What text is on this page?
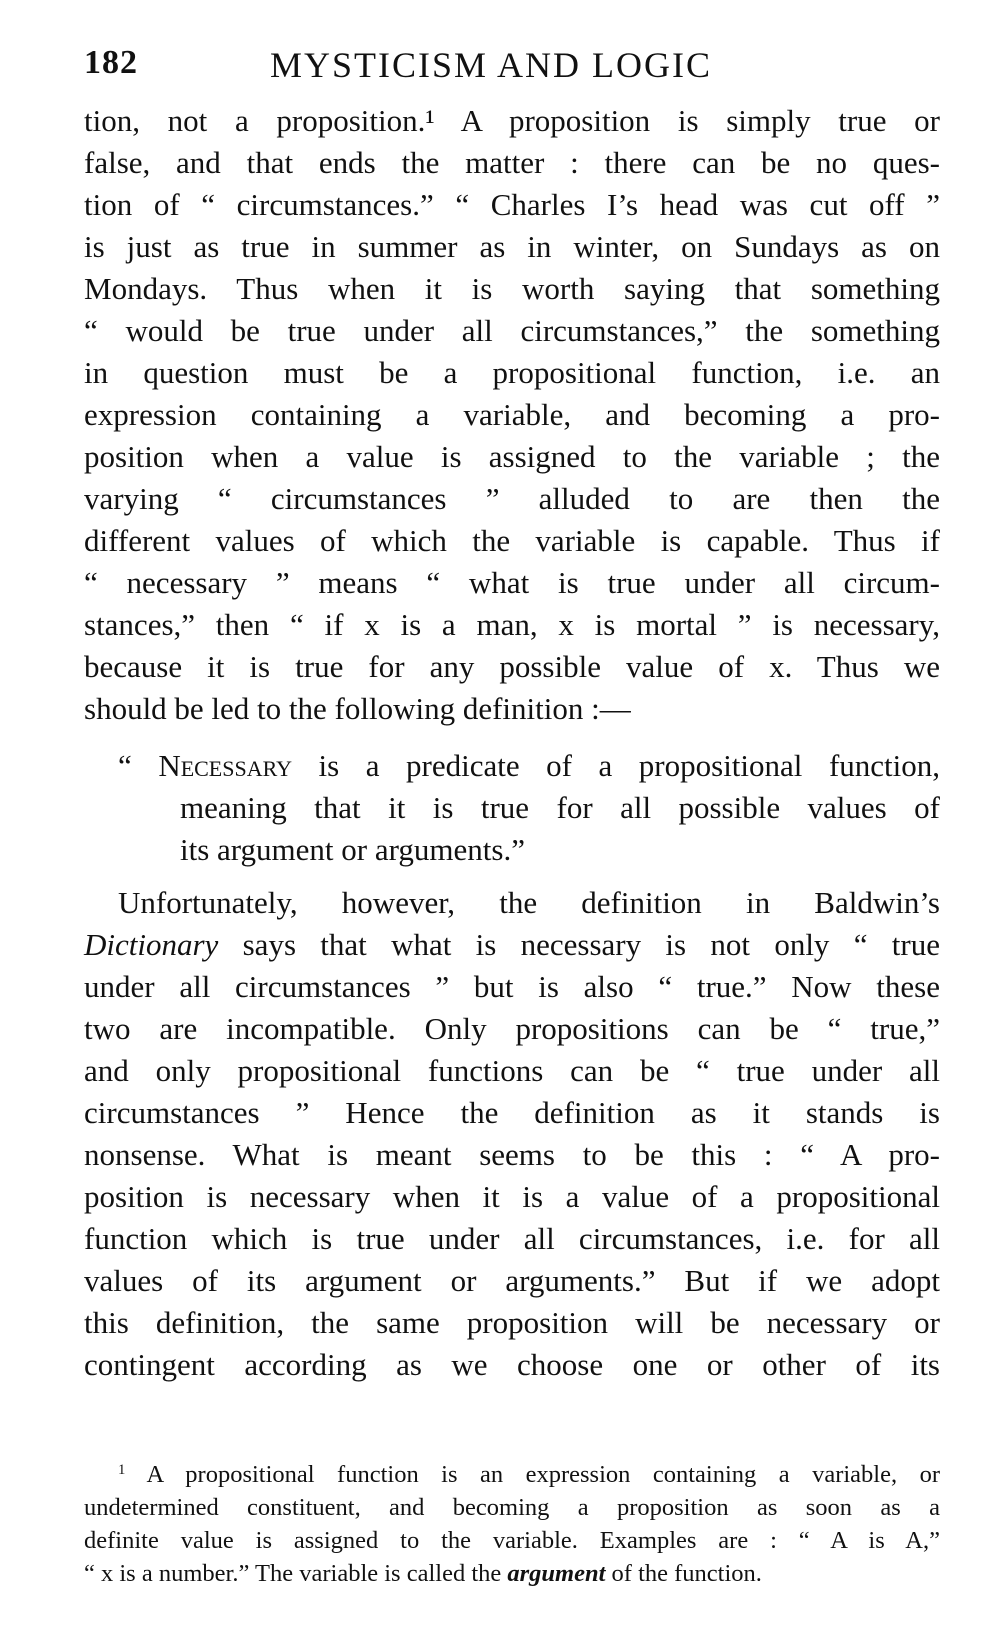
182	MYSTICISM AND LOGIC
tion, not a proposition.¹ A proposition is simply true or
false, and that ends the matter : there can be no ques-
tion of “ circumstances.” “ Charles I’s head was cut off ”
is just as true in summer as in winter, on Sundays as on
Mondays. Thus when it is worth saying that something
“ would be true under all circumstances,” the something
in question must be a propositional function, i.e. an
expression containing a variable, and becoming a pro-
position when a value is assigned to the variable ; the
varying “ circumstances ” alluded to are then the
different values of which the variable is capable. Thus if
“ necessary ” means “ what is true under all circum-
stances,” then “ if x is a man, x is mortal ” is necessary,
because it is true for any possible value of x. Thus we
should be led to the following definition :—
“ Necessary is a predicate of a propositional function,
meaning that it is true for all possible values of
its argument or arguments.”
Unfortunately, however, the definition in Baldwin’s
Dictionary says that what is necessary is not only “ true
under all circumstances ” but is also “ true.” Now these
two are incompatible. Only propositions can be “ true,”
and only propositional functions can be “ true under all
circumstances ” Hence the definition as it stands is
nonsense. What is meant seems to be this : “ A pro-
position is necessary when it is a value of a propositional
function which is true under all circumstances, i.e. for all
values of its argument or arguments.” But if we adopt
this definition, the same proposition will be necessary or
contingent according as we choose one or other of its
$^1$ A propositional function is an expression containing a variable, or
undetermined constituent, and becoming a proposition as soon as a
definite value is assigned to the variable. Examples are : “ A is A,”
“ x is a number.” The variable is called the argument of the function.
